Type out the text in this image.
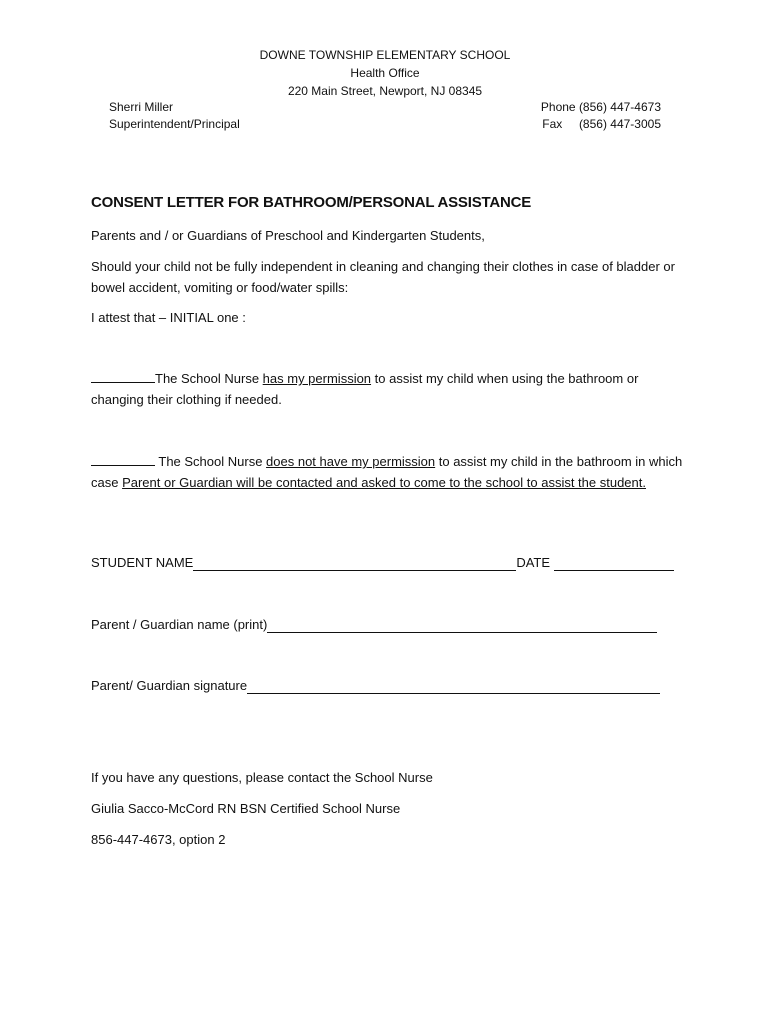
DOWNE TOWNSHIP ELEMENTARY SCHOOL
Health Office
220 Main Street, Newport, NJ 08345
Sherri Miller
Superintendent/Principal
Phone (856) 447-4673
Fax     (856) 447-3005
CONSENT LETTER FOR BATHROOM/PERSONAL ASSISTANCE
Parents and / or Guardians of Preschool and Kindergarten Students,
Should your child not be fully independent in cleaning and changing their clothes in case of bladder or bowel accident, vomiting or food/water spills:
I attest that – INITIAL one :
The School Nurse has my permission to assist my child when using the bathroom or changing their clothing if needed.
The School Nurse does not have my permission to assist my child in the bathroom in which case Parent or Guardian will be contacted and asked to come to the school to assist the student.
STUDENT NAME	DATE
Parent / Guardian name (print)
Parent/ Guardian signature
If you have any questions, please contact the School Nurse
Giulia Sacco-McCord RN BSN Certified School Nurse
856-447-4673, option 2
